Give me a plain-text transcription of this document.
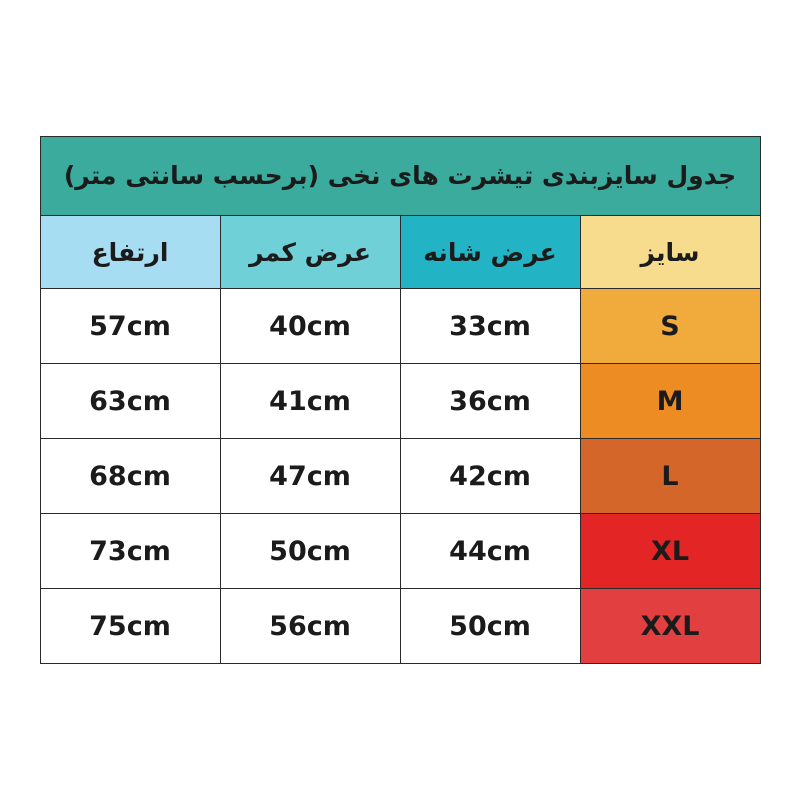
جدول سایزبندی تیشرت های نخی (برحسب سانتی متر)			
سایز	عرض شانه	عرض کمر	ارتفاع
S	33cm	40cm	57cm
M	36cm	41cm	63cm
L	42cm	47cm	68cm
XL	44cm	50cm	73cm
XXL	50cm	56cm	75cm
